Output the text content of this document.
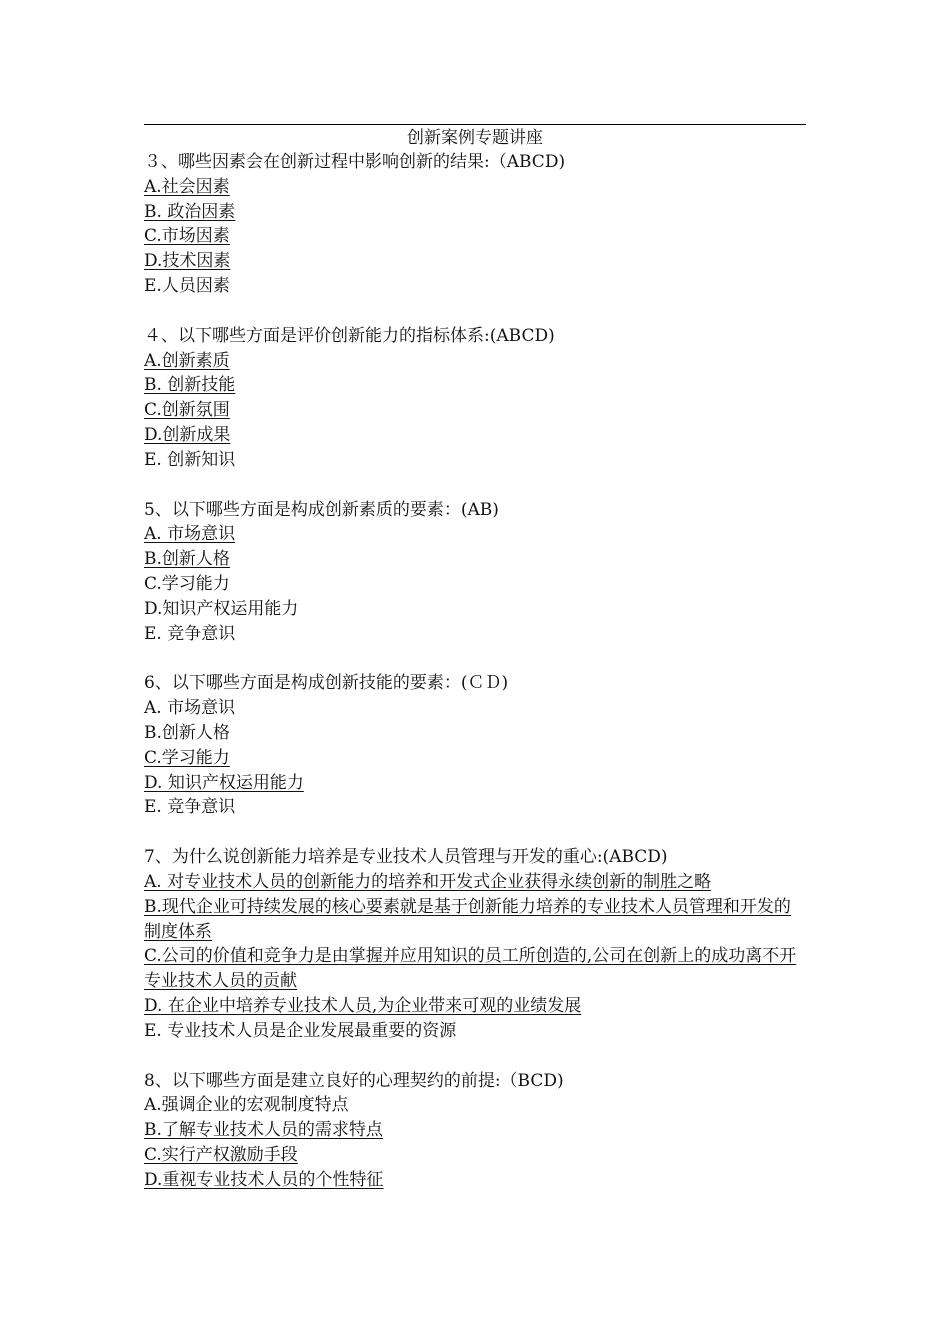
创新案例专题讲座
３、哪些因素会在创新过程中影响创新的结果:（ABCD)
A.社会因素
B. 政治因素
C.市场因素
D.技术因素
E.人员因素
４、以下哪些方面是评价创新能力的指标体系:(ABCD)
A.创新素质
B. 创新技能
C.创新氛围
D.创新成果
E. 创新知识
5、以下哪些方面是构成创新素质的要素：(AB)
A. 市场意识
B.创新人格
C.学习能力
D.知识产权运用能力
E. 竞争意识
6、以下哪些方面是构成创新技能的要素：(ＣＤ)
A. 市场意识
B.创新人格
C.学习能力
D. 知识产权运用能力
E. 竞争意识
7、为什么说创新能力培养是专业技术人员管理与开发的重心:(ABCD)
A. 对专业技术人员的创新能力的培养和开发式企业获得永续创新的制胜之略
B.现代企业可持续发展的核心要素就是基于创新能力培养的专业技术人员管理和开发的制度体系
C.公司的价值和竞争力是由掌握并应用知识的员工所创造的,公司在创新上的成功离不开专业技术人员的贡献
D. 在企业中培养专业技术人员,为企业带来可观的业绩发展
E. 专业技术人员是企业发展最重要的资源
8、以下哪些方面是建立良好的心理契约的前提:（BCD)
A.强调企业的宏观制度特点
B.了解专业技术人员的需求特点
C.实行产权激励手段
D.重视专业技术人员的个性特征
